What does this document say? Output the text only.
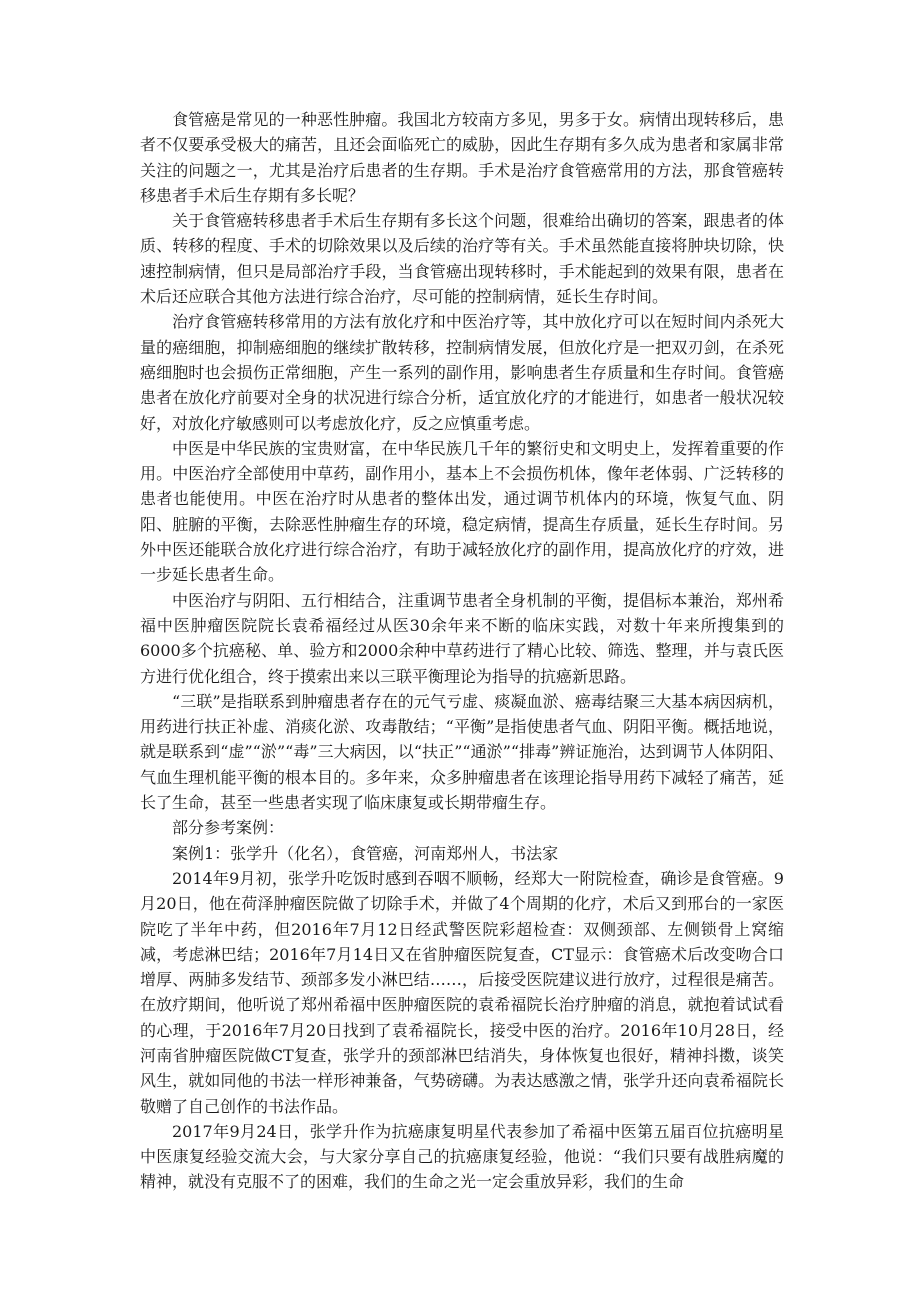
食管癌是常见的一种恶性肿瘤。我国北方较南方多见，男多于女。病情出现转移后，患者不仅要承受极大的痛苦，且还会面临死亡的威胁，因此生存期有多久成为患者和家属非常关注的问题之一，尤其是治疗后患者的生存期。手术是治疗食管癌常用的方法，那食管癌转移患者手术后生存期有多长呢？

关于食管癌转移患者手术后生存期有多长这个问题，很难给出确切的答案，跟患者的体质、转移的程度、手术的切除效果以及后续的治疗等有关。手术虽然能直接将肿块切除，快速控制病情，但只是局部治疗手段，当食管癌出现转移时，手术能起到的效果有限，患者在术后还应联合其他方法进行综合治疗，尽可能的控制病情，延长生存时间。

治疗食管癌转移常用的方法有放化疗和中医治疗等，其中放化疗可以在短时间内杀死大量的癌细胞，抑制癌细胞的继续扩散转移，控制病情发展，但放化疗是一把双刃剑，在杀死癌细胞时也会损伤正常细胞，产生一系列的副作用，影响患者生存质量和生存时间。食管癌患者在放化疗前要对全身的状况进行综合分析，适宜放化疗的才能进行，如患者一般状况较好，对放化疗敏感则可以考虑放化疗，反之应慎重考虑。

中医是中华民族的宝贵财富，在中华民族几千年的繁衍史和文明史上，发挥着重要的作用。中医治疗全部使用中草药，副作用小，基本上不会损伤机体，像年老体弱、广泛转移的患者也能使用。中医在治疗时从患者的整体出发，通过调节机体内的环境，恢复气血、阴阳、脏腑的平衡，去除恶性肿瘤生存的环境，稳定病情，提高生存质量，延长生存时间。另外中医还能联合放化疗进行综合治疗，有助于减轻放化疗的副作用，提高放化疗的疗效，进一步延长患者生命。

中医治疗与阴阳、五行相结合，注重调节患者全身机制的平衡，提倡标本兼治，郑州希福中医肿瘤医院院长袁希福经过从医30余年来不断的临床实践，对数十年来所搜集到的6000多个抗癌秘、单、验方和2000余种中草药进行了精心比较、筛选、整理，并与袁氏医方进行优化组合，终于摸索出来以三联平衡理论为指导的抗癌新思路。

“三联”是指联系到肿瘤患者存在的元气亏虚、痰凝血淤、癌毒结聚三大基本病因病机，用药进行扶正补虚、消痰化淤、攻毒散结；“平衡”是指使患者气血、阴阳平衡。概括地说，就是联系到“虚”“淤”“毒”三大病因，以“扶正”“通淤”“排毒”辨证施治，达到调节人体阴阳、气血生理机能平衡的根本目的。多年来，众多肿瘤患者在该理论指导用药下减轻了痛苦，延长了生命，甚至一些患者实现了临床康复或长期带瘤生存。

部分参考案例：

案例1：张学升（化名），食管癌，河南郑州人，书法家

2014年9月初，张学升吃饭时感到吞咽不顺畅，经郑大一附院检查，确诊是食管癌。9月20日，他在荷泽肿瘤医院做了切除手术，并做了4个周期的化疗，术后又到邢台的一家医院吃了半年中药，但2016年7月12日经武警医院彩超检查：双侧颈部、左侧锁骨上窝缩减，考虑淋巴结；2016年7月14日又在省肿瘤医院复查，CT显示：食管癌术后改变吻合口增厚、两肺多发结节、颈部多发小淋巴结……，后接受医院建议进行放疗，过程很是痛苦。在放疗期间，他听说了郑州希福中医肿瘤医院的袁希福院长治疗肿瘤的消息，就抱着试试看的心理，于2016年7月20日找到了袁希福院长，接受中医的治疗。2016年10月28日，经河南省肿瘤医院做CT复查，张学升的颈部淋巴结消失，身体恢复也很好，精神抖擞，谈笑风生，就如同他的书法一样形神兼备，气势磅礴。为表达感激之情，张学升还向袁希福院长敬赠了自己创作的书法作品。

2017年9月24日，张学升作为抗癌康复明星代表参加了希福中医第五届百位抗癌明星中医康复经验交流大会，与大家分享自己的抗癌康复经验，他说：“我们只要有战胜病魔的精神，就没有克服不了的困难，我们的生命之光一定会重放异彩，我们的生命
